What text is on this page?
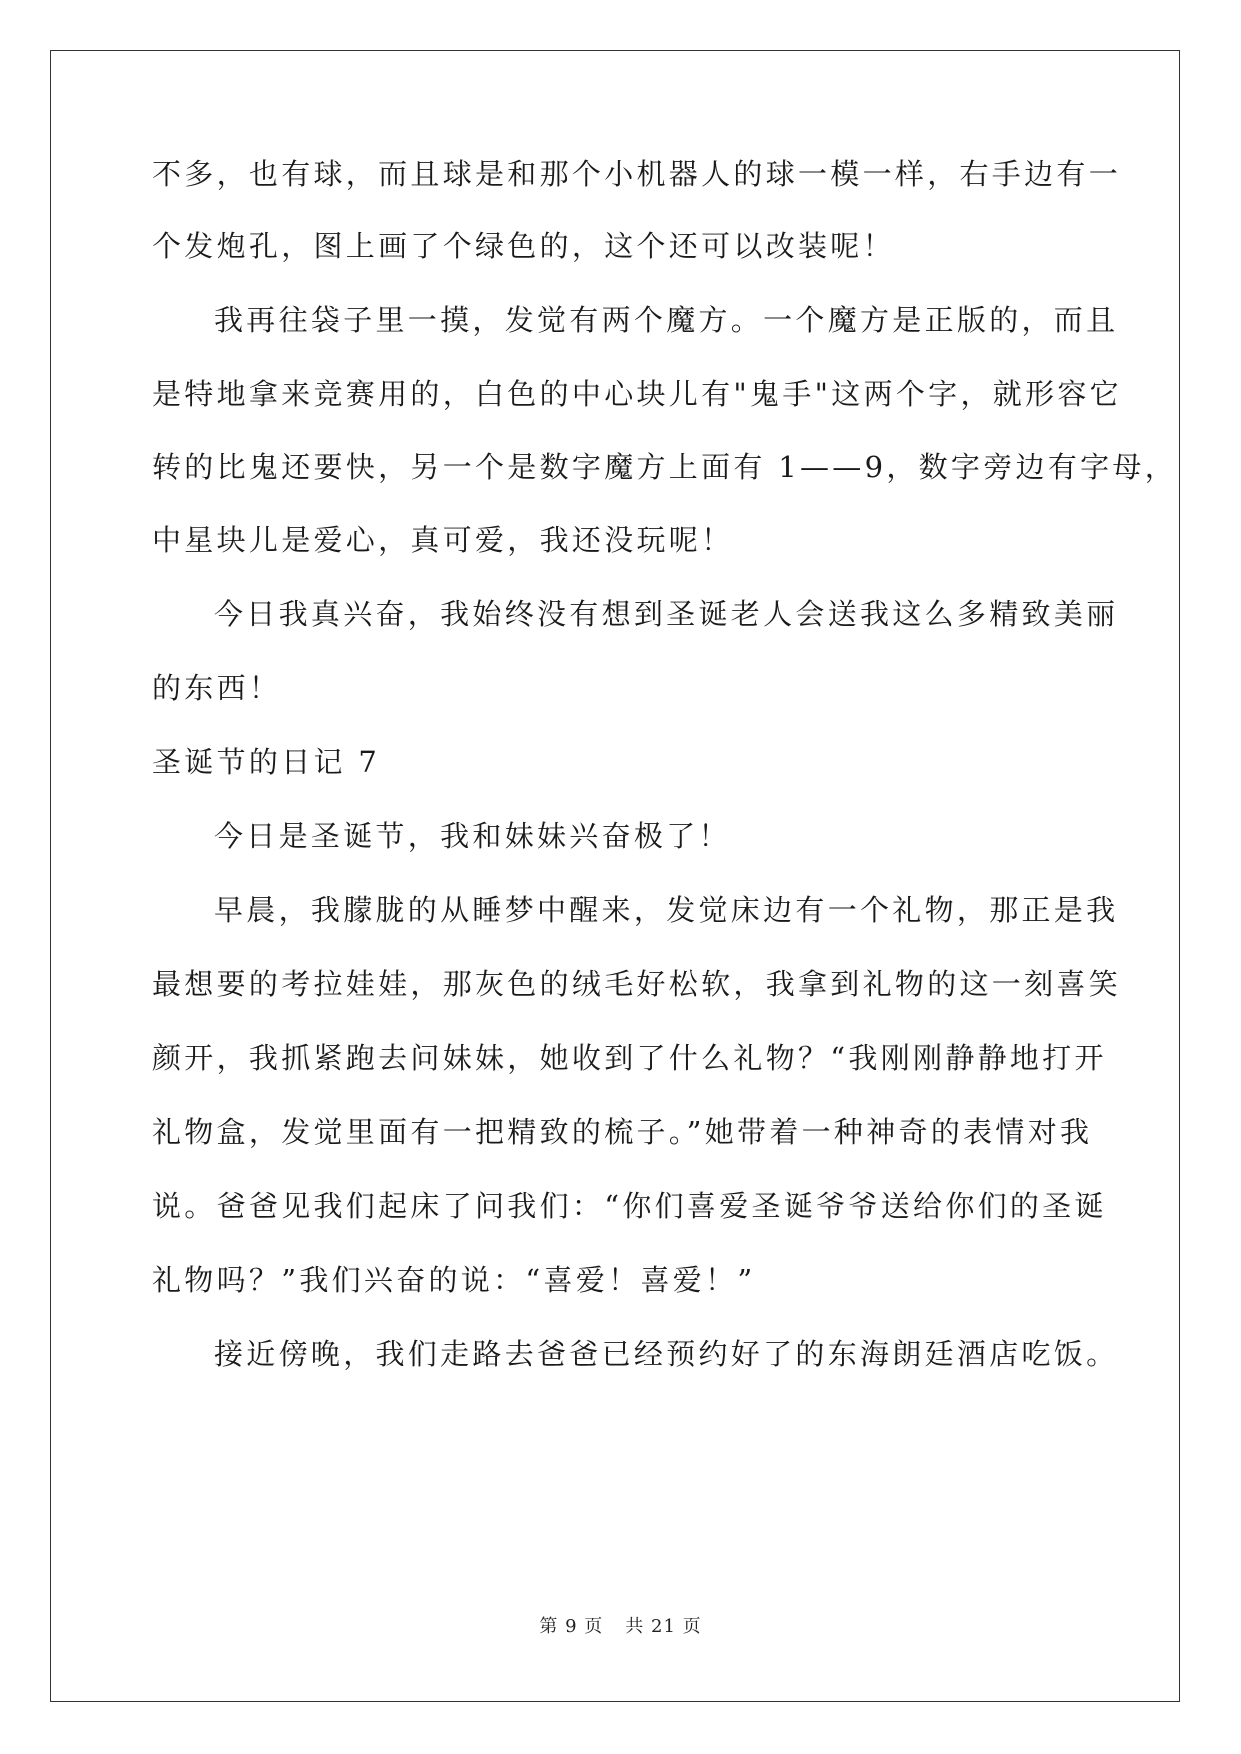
不多，也有球，而且球是和那个小机器人的球一模一样，右手边有一
个发炮孔，图上画了个绿色的，这个还可以改装呢！
我再往袋子里一摸，发觉有两个魔方。一个魔方是正版的，而且
是特地拿来竞赛用的，白色的中心块儿有"鬼手"这两个字，就形容它
转的比鬼还要快，另一个是数字魔方上面有 1——9，数字旁边有字母，
中星块儿是爱心，真可爱，我还没玩呢！
今日我真兴奋，我始终没有想到圣诞老人会送我这么多精致美丽
的东西！
圣诞节的日记 7
今日是圣诞节，我和妹妹兴奋极了！
早晨，我朦胧的从睡梦中醒来，发觉床边有一个礼物，那正是我
最想要的考拉娃娃，那灰色的绒毛好松软，我拿到礼物的这一刻喜笑
颜开，我抓紧跑去问妹妹，她收到了什么礼物？“我刚刚静静地打开
礼物盒，发觉里面有一把精致的梳子。”她带着一种神奇的表情对我
说。爸爸见我们起床了问我们：“你们喜爱圣诞爷爷送给你们的圣诞
礼物吗？”我们兴奋的说：“喜爱！喜爱！”
接近傍晚，我们走路去爸爸已经预约好了的东海朗廷酒店吃饭。
第 9 页 共 21 页
